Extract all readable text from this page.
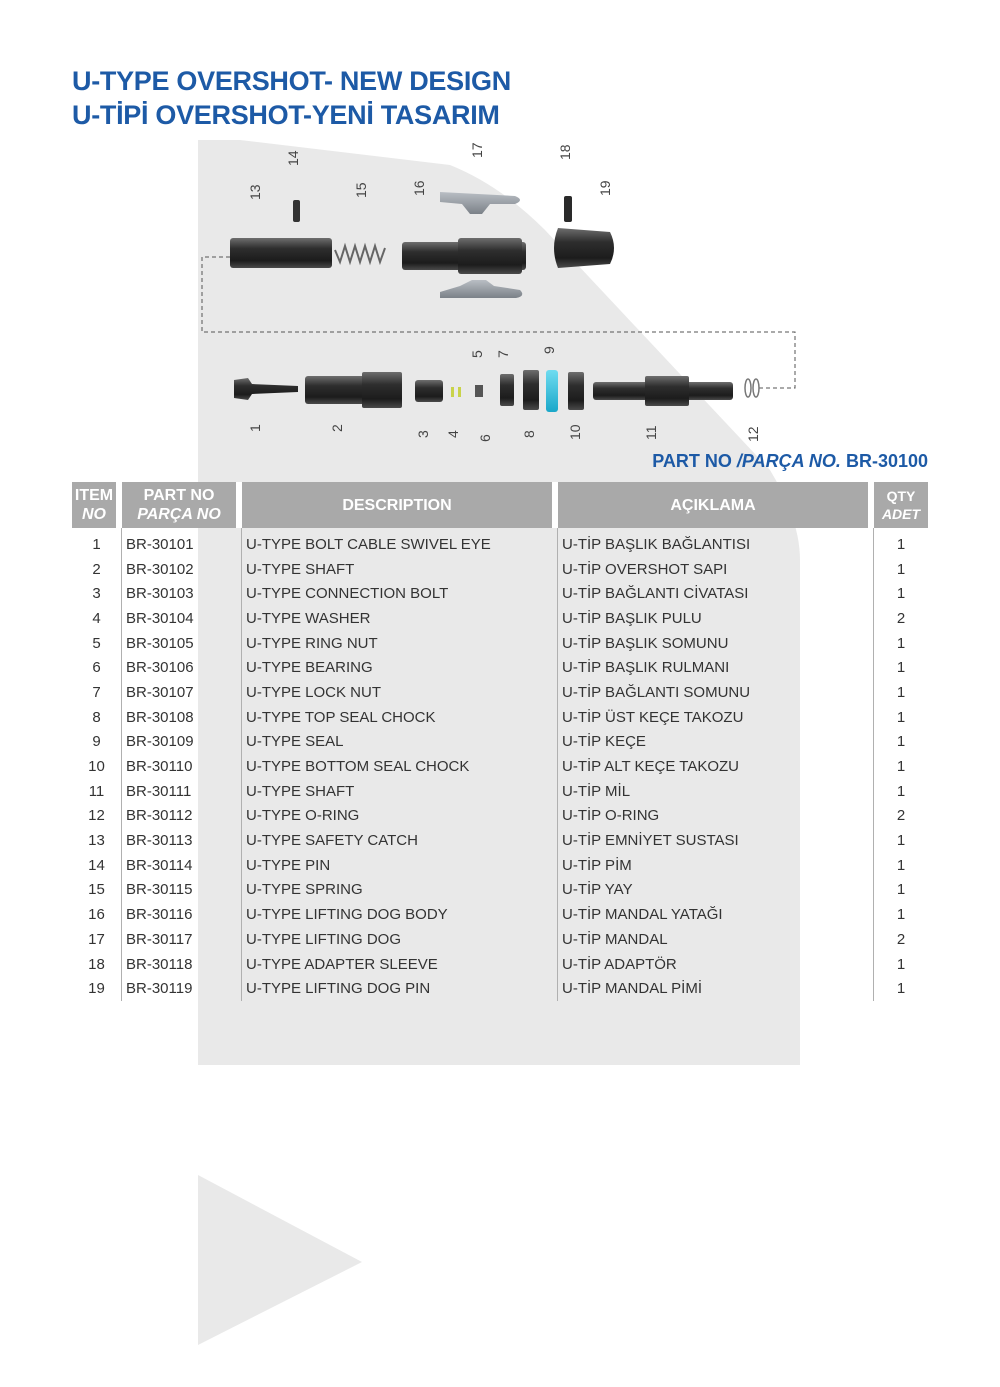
U-TYPE OVERSHOT- NEW DESIGN
U-TİPİ OVERSHOT-YENİ TASARIM
1	2
3 4
5
6
7
8
9
10	11	12
13
14
15	16
17	18
19
PART NO /PARÇA NO. BR-30100
ITEM
NO	PART NO
PARÇA NO	DESCRIPTION	AÇIKLAMA	QTY
ADET

1	BR-30101	U-TYPE BOLT CABLE SWIVEL EYE	U-TİP BAŞLIK BAĞLANTISI	1
2	BR-30102	U-TYPE SHAFT	U-TİP OVERSHOT SAPI	1
3	BR-30103	U-TYPE CONNECTION BOLT	U-TİP BAĞLANTI CİVATASI	1
4	BR-30104	U-TYPE WASHER	U-TİP BAŞLIK PULU	2
5	BR-30105	U-TYPE RING NUT	U-TİP BAŞLIK SOMUNU	1
6	BR-30106	U-TYPE BEARING	U-TİP BAŞLIK RULMANI	1
7	BR-30107	U-TYPE LOCK NUT	U-TİP BAĞLANTI SOMUNU	1
8	BR-30108	U-TYPE TOP SEAL CHOCK	U-TİP ÜST KEÇE TAKOZU	1
9	BR-30109	U-TYPE SEAL	U-TİP KEÇE	1
10	BR-30110	U-TYPE BOTTOM SEAL CHOCK	U-TİP ALT KEÇE TAKOZU	1
11	BR-30111	U-TYPE SHAFT	U-TİP MİL	1
12	BR-30112	U-TYPE O-RING	U-TİP O-RING	2
13	BR-30113	U-TYPE SAFETY CATCH	U-TİP EMNİYET SUSTASI	1
14	BR-30114	U-TYPE PIN	U-TİP PİM	1
15	BR-30115	U-TYPE SPRING	U-TİP YAY	1
16	BR-30116	U-TYPE LIFTING DOG BODY	U-TİP MANDAL YATAĞI	1
17	BR-30117	U-TYPE LIFTING DOG	U-TİP MANDAL	2
18	BR-30118	U-TYPE ADAPTER SLEEVE	U-TİP ADAPTÖR	1
19	BR-30119	U-TYPE LIFTING DOG PIN	U-TİP MANDAL PİMİ	1
